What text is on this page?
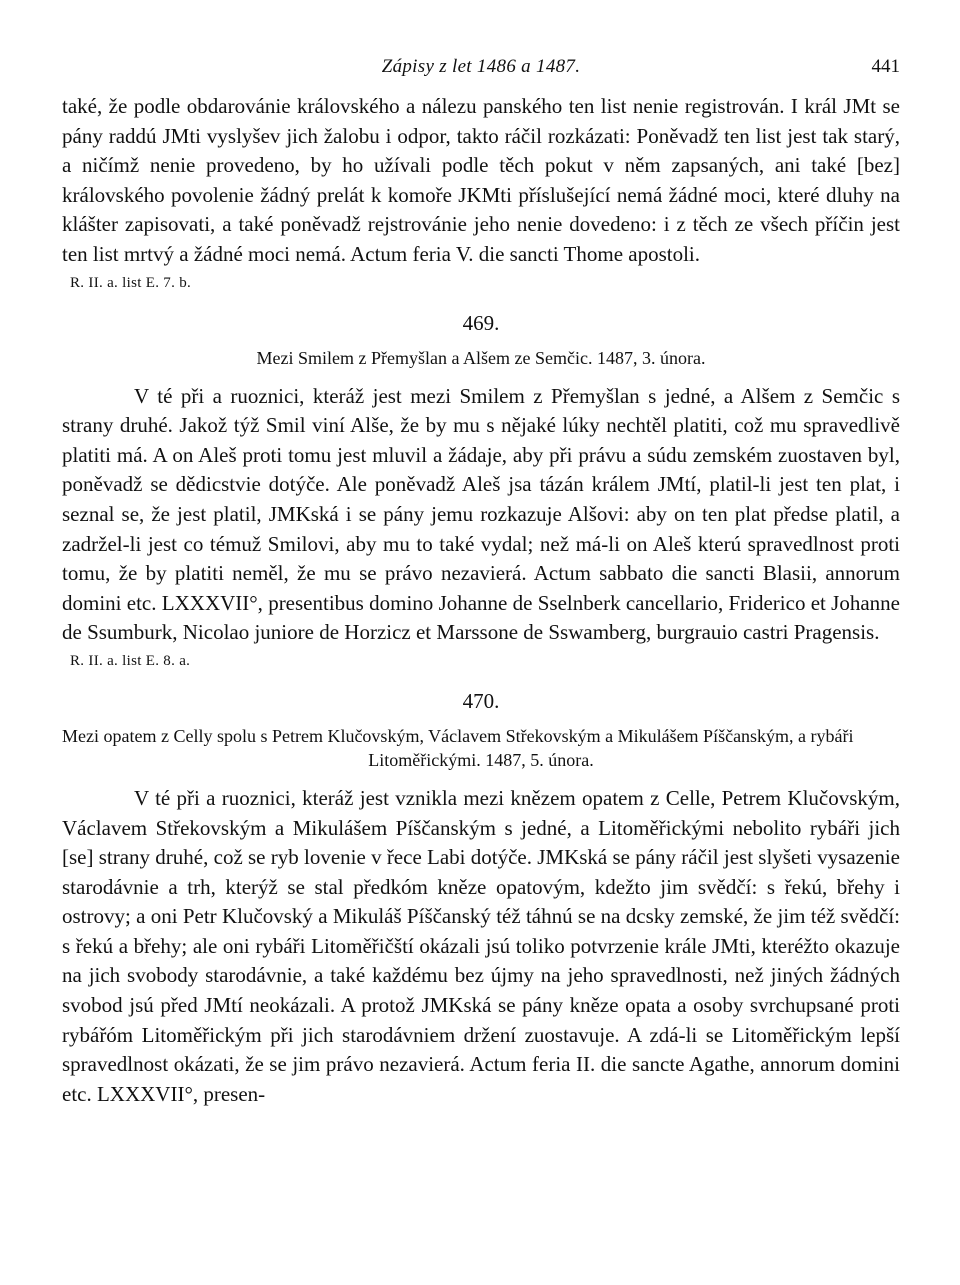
Zápisy z let 1486 a 1487.	441

také, že podle obdarovánie královského a nálezu panského ten list nenie registrován. I král JMt se pány raddú JMti vyslyšev jich žalobu i odpor, takto ráčil rozkázati: Poněvadž ten list jest tak starý, a ničímž nenie provedeno, by ho užívali podle těch pokut v něm zapsaných, ani také [bez] královského povolenie žádný prelát k komoře JKMti příslušející nemá žádné moci, které dluhy na klášter zapisovati, a také poněvadž rejstrovánie jeho nenie dovedeno: i z těch ze všech příčin jest ten list mrtvý a žádné moci nemá. Actum feria V. die sancti Thome apostoli.

R. II. a. list E. 7. b.
469.
Mezi Smilem z Přemyšlan a Alšem ze Semčic. 1487, 3. února.

V té při a ruoznici, kteráž jest mezi Smilem z Přemyšlan s jedné, a Alšem z Semčic s strany druhé. Jakož týž Smil viní Alše, že by mu s nějaké lúky nechtěl platiti, což mu spravedlivě platiti má. A on Aleš proti tomu jest mluvil a žádaje, aby při právu a súdu zemském zuostaven byl, poněvadž se dědicstvie dotýče. Ale poněvadž Aleš jsa tázán králem JMtí, platil-li jest ten plat, i seznal se, že jest platil, JMKská i se pány jemu rozkazuje Alšovi: aby on ten plat předse platil, a zadržel-li jest co témuž Smilovi, aby mu to také vydal; než má-li on Aleš kterú spravedlnost proti tomu, že by platiti neměl, že mu se právo nezavierá. Actum sabbato die sancti Blasii, annorum domini etc. LXXXVII°, presentibus domino Johanne de Sselnberk cancellario, Friderico et Johanne de Ssumburk, Nicolao juniore de Horzicz et Marssone de Sswamberg, burgrauio castri Pragensis.

R. II. a. list E. 8. a.
470.
Mezi opatem z Celly spolu s Petrem Klučovským, Václavem Střekovským a Mikulášem Píščanským, a rybáři Litoměřickými. 1487, 5. února.

V té při a ruoznici, kteráž jest vznikla mezi knězem opatem z Celle, Petrem Klučovským, Václavem Střekovským a Mikulášem Píščanským s jedné, a Litoměřickými nebolito rybáři jich [se] strany druhé, což se ryb lovenie v řece Labi dotýče. JMKská se pány ráčil jest slyšeti vysazenie starodávnie a trh, kterýž se stal předkóm kněze opatovým, kdežto jim svědčí: s řekú, břehy i ostrovy; a oni Petr Klučovský a Mikuláš Píščanský též táhnú se na dcsky zemské, že jim též svědčí: s řekú a břehy; ale oni rybáři Litoměřičští okázali jsú toliko potvrzenie krále JMti, kteréžto okazuje na jich svobody starodávnie, a také každému bez újmy na jeho spravedlnosti, než jiných žádných svobod jsú před JMtí neokázali. A protož JMKská se pány kněze opata a osoby svrchupsané proti rybářóm Litoměřickým při jich starodávniem držení zuostavuje. A zdá-li se Litoměřickým lepší spravedlnost okázati, že se jim právo nezavierá. Actum feria II. die sancte Agathe, annorum domini etc. LXXXVII°, presen-
